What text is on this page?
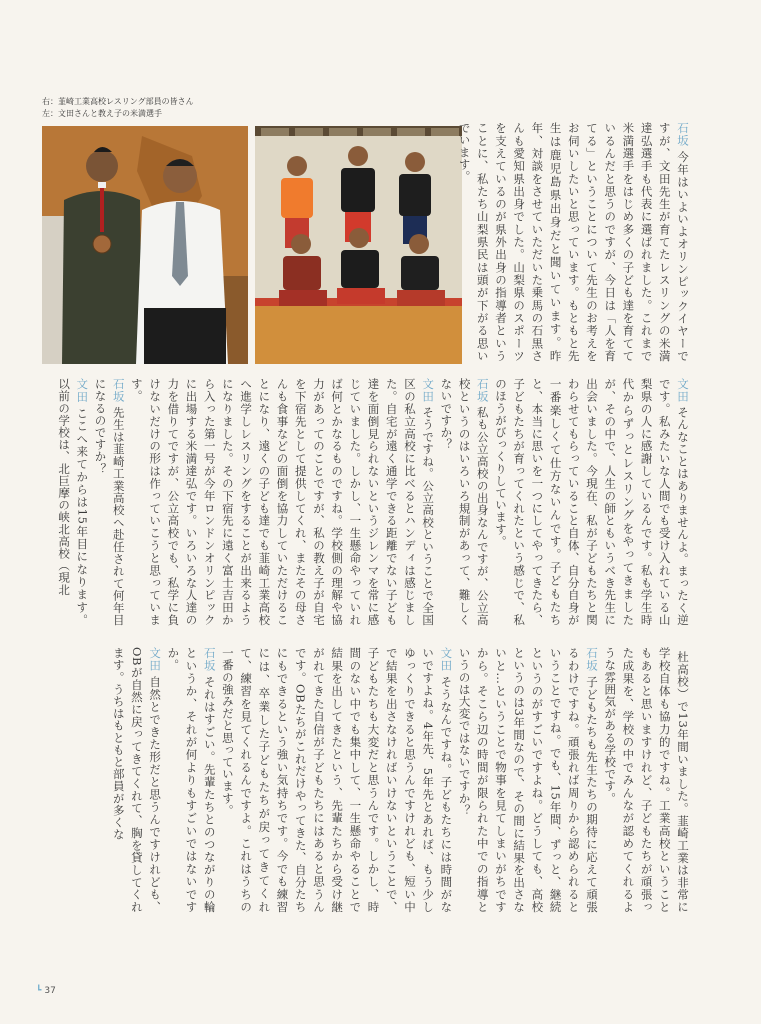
右：韮崎工業高校レスリング部員の皆さん
左：文田さんと教え子の米満選手

石坂今年はいよいよオリンピックイヤーですが、文田先生が育てたレスリングの米満達弘選手も代表に選ばれました。これまで米満選手をはじめ多くの子ども達を育てているんだと思うのですが、今日は「人を育てる」ということについて先生のお考えをお伺いしたいと思っています。もともと先生は鹿児島県出身だと聞いています。昨年、対談をさせていただいた乗馬の石黒さんも愛知県出身でした。山梨県のスポーツを支えているのが県外出身の指導者ということに、私たち山梨県民は頭が下がる思いでいます。

文田そんなことはありませんよ。まったく逆です。私みたいな人間でも受け入れている山梨県の人に感謝しているんです。私も学生時代からずっとレスリングをやってきましたが、その中で、人生の師ともいうべき先生に出会いました。今現在、私が子どもたちと関わらせてもらっていること自体、自分自身が一番楽しくて仕方ないんです。子どもたちと、本当に思いを一つにしてやってきたら、子どもたちが育ってくれたという感じで、私のほうがびっくりしています。

石坂私も公立高校の出身なんですが、公立高校というのはいろいろ規制があって、難しくないですか？

文田そうですね。公立高校ということで全国区の私立高校に比べるとハンディは感じました。自宅が遠く通学できる距離でない子ども達を面倒見られないというジレンマを常に感じていました。しかし、一生懸命やっていれば何とかなるものですね。学校側の理解や協力があってのことですが、私の教え子が自宅を下宿先として提供してくれ、またその母さんも食事などの面倒を協力していただけることになり、遠くの子ども達でも韮崎工業高校へ進学しレスリングをすることが出来るようになりました。その下宿先に遠く富士吉田から入った第一号が今年ロンドンオリンピックに出場する米満達弘です。いろいろな人達の力を借りてですが、公立高校でも、私学に負けないだけの形は作っていこうと思っています。

石坂先生は韮崎工業高校へ赴任されて何年目になるのですか？

文田ここへ来てからは15年目になります。以前の学校は、北巨摩の峡北高校（現北

杜高校）で13年間いました。韮崎工業は非常に学校自体も協力的ですね。工業高校ということもあると思いますけれど、子どもたちが頑張った成果を、学校の中でみんなが認めてくれるような雰囲気がある学校です。

石坂子どもたちも先生たちの期待に応えて頑張るわけですね。頑張れば周りから認められるということですね。でも、15年間、ずっと、継続というのがすごいですよね。どうしても、高校というのは3年間なので、その間に結果を出さないと…ということで物事を見てしまいがちですから。そこら辺の時間が限られた中での指導というのは大変ではないですか？

文田そうなんですね。子どもたちには時間がないですよね。4年先、5年先とあれば、もう少しゆっくりできると思うんですけれども、短い中で結果を出さなければいけないということで、子どもたちも大変だと思うんです。しかし、時間のない中でも集中して、一生懸命やることで結果を出してきたという、先輩たちから受け継がれてきた自信が子どもたちにはあると思うんです。OBたちがこれだけやってきた、自分たちにもできるという強い気持ちです。今でも練習には、卒業した子どもたちが戻ってきてくれて、練習を見てくれるんですよ。これはうちの一番の強みだと思っています。

石坂それはすごい。先輩たちとのつながりの輪というか、それが何よりもすごいではないですか。

文田自然とできた形だと思うんですけれども、OBが自然に戻ってきてくれて、胸を貸してくれます。うちはもともと部員が多くな

┗ 37
